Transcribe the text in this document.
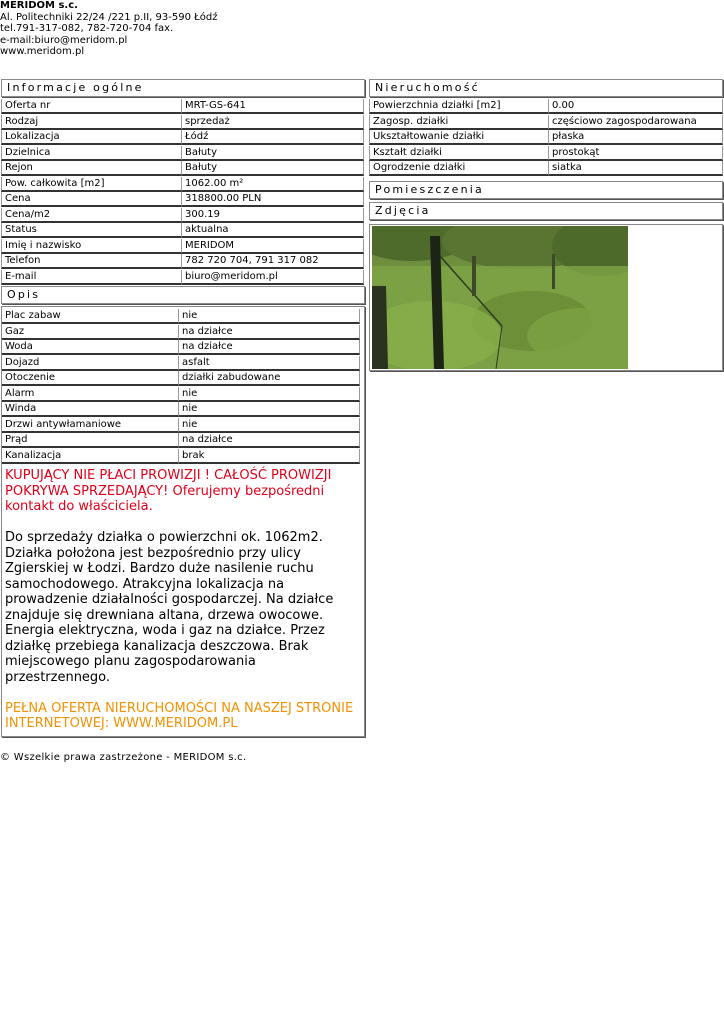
MERIDOM s.c.
Al. Politechniki 22/24 /221 p.II, 93-590 Łódź
tel.791-317-082, 782-720-704 fax.
e-mail:biuro@meridom.pl
www.meridom.pl
Informacje ogólne
Oferta nr	MRT-GS-641
Rodzaj	sprzedaż
Lokalizacja	Łódź
Dzielnica	Bałuty
Rejon	Bałuty
Pow. całkowita [m2]	1062.00 m²
Cena	318800.00 PLN
Cena/m2	300.19
Status	aktualna
Imię i nazwisko	MERIDOM
Telefon	782 720 704, 791 317 082
E-mail	biuro@meridom.pl
Opis
Plac zabaw	nie
Gaz	na działce
Woda	na działce
Dojazd	asfalt
Otoczenie	działki zabudowane
Alarm	nie
Winda	nie
Drzwi antywłamaniowe	nie
Prąd	na działce
Kanalizacja	brak

KUPUJĄCY NIE PŁACI PROWIZJI ! CAŁOŚĆ PROWIZJI POKRYWA SPRZEDAJĄCY! Oferujemy bezpośredni kontakt do właściciela.

Do sprzedaży działka o powierzchni ok. 1062m2. Działka położona jest bezpośrednio przy ulicy Zgierskiej w Łodzi. Bardzo duże nasilenie ruchu samochodowego. Atrakcyjna lokalizacja na prowadzenie działalności gospodarczej. Na działce znajduje się drewniana altana, drzewa owocowe. Energia elektryczna, woda i gaz na działce. Przez działkę przebiega kanalizacja deszczowa. Brak miejscowego planu zagospodarowania przestrzennego.

PEŁNA OFERTA NIERUCHOMOŚCI NA NASZEJ STRONIE INTERNETOWEJ: WWW.MERIDOM.PL

Nieruchomość
Powierzchnia działki [m2]	0.00
Zagosp. działki	częściowo zagospodarowana
Ukształtowanie działki	płaska
Kształt działki	prostokąt
Ogrodzenie działki	siatka
Pomieszczenia
Zdjęcia
© Wszelkie prawa zastrzeżone - MERIDOM s.c.
